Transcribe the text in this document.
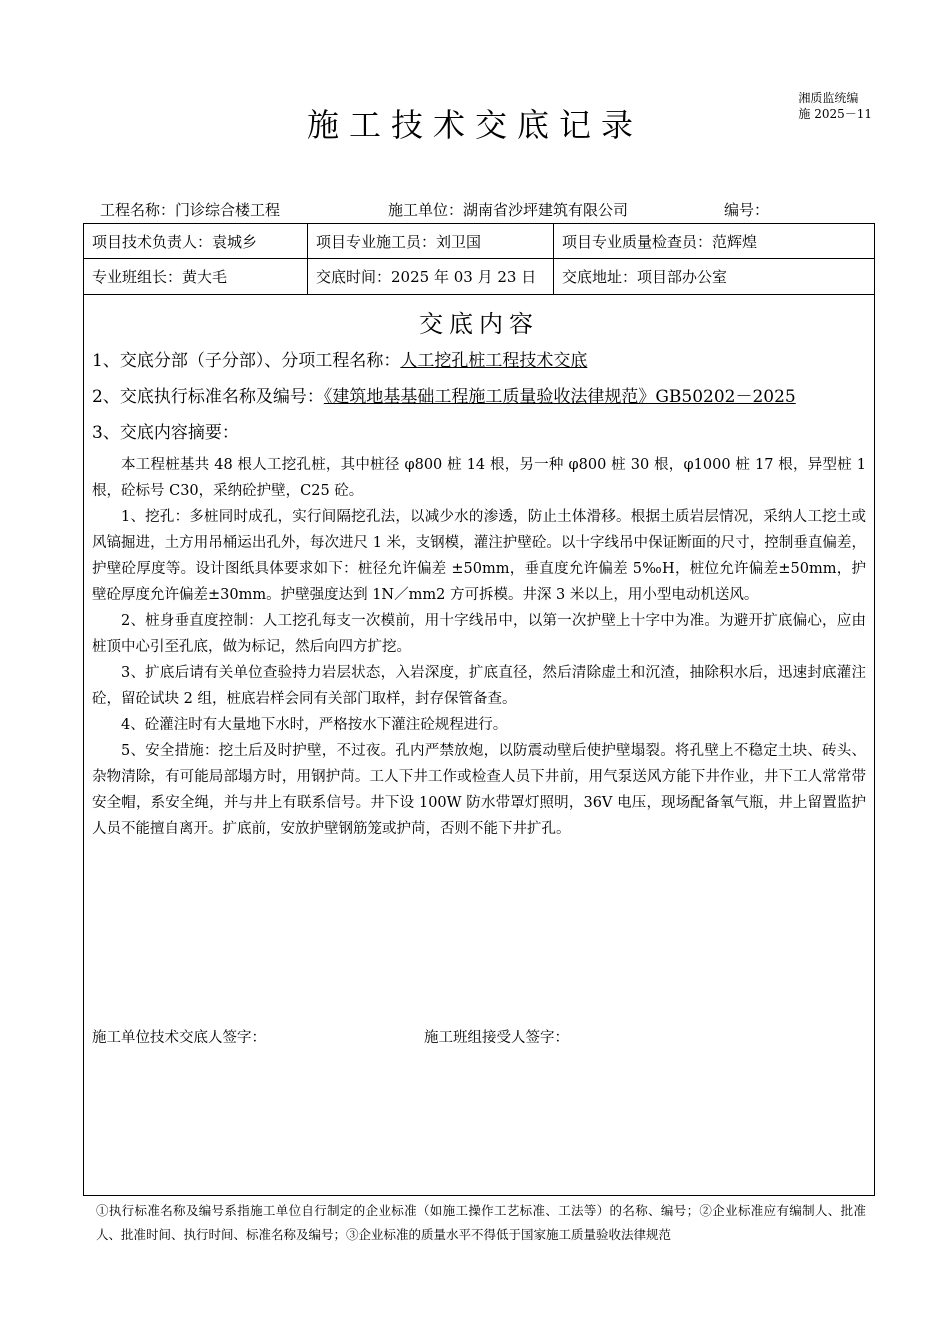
湘质监统编
施 2025－11
施工技术交底记录
工程名称：门诊综合楼工程	施工单位：湖南省沙坪建筑有限公司	编号：
项目技术负责人：袁城乡	项目专业施工员：刘卫国	项目专业质量检查员：范辉煌
专业班组长：黄大毛	交底时间：2025 年 03 月 23 日	交底地址：项目部办公室
交底内容
1、交底分部（子分部）、分项工程名称：人工挖孔桩工程技术交底
2、交底执行标准名称及编号：《建筑地基基础工程施工质量验收法律规范》GB50202－2025
3、交底内容摘要：

本工程桩基共 48 根人工挖孔桩，其中桩径 φ800 桩 14 根，另一种 φ800 桩 30 根，φ1000 桩 17 根，异型桩 1 根，砼标号 C30，采纳砼护壁，C25 砼。

1、挖孔：多桩同时成孔，实行间隔挖孔法，以减少水的渗透，防止土体滑移。根据土质岩层情况，采纳人工挖土或风镐掘进，土方用吊桶运出孔外，每次进尺 1 米，支钢模，灌注护壁砼。以十字线吊中保证断面的尺寸，控制垂直偏差，护壁砼厚度等。设计图纸具体要求如下：桩径允许偏差 ±50mm，垂直度允许偏差 5‰H，桩位允许偏差±50mm，护壁砼厚度允许偏差±30mm。护壁强度达到 1N／mm2 方可拆模。井深 3 米以上，用小型电动机送风。

2、桩身垂直度控制：人工挖孔每支一次模前，用十字线吊中，以第一次护壁上十字中为准。为避开扩底偏心，应由桩顶中心引至孔底，做为标记，然后向四方扩挖。

3、扩底后请有关单位查验持力岩层状态，入岩深度，扩底直径，然后清除虚土和沉渣，抽除积水后，迅速封底灌注砼，留砼试块 2 组，桩底岩样会同有关部门取样，封存保管备查。

4、砼灌注时有大量地下水时，严格按水下灌注砼规程进行。

5、安全措施：挖土后及时护壁，不过夜。孔内严禁放炮，以防震动壁后使护壁塌裂。将孔壁上不稳定土块、砖头、杂物清除，有可能局部塌方时，用钢护苘。工人下井工作或检查人员下井前，用气泵送风方能下井作业，井下工人常常带安全帽，系安全绳，并与井上有联系信号。井下设 100W 防水带罩灯照明，36V 电压，现场配备氧气瓶，井上留置监护人员不能擅自离开。扩底前，安放护壁钢筋笼或护苘，否则不能下井扩孔。

施工单位技术交底人签字：	施工班组接受人签字：
①执行标准名称及编号系指施工单位自行制定的企业标准（如施工操作工艺标准、工法等）的名称、编号；②企业标准应有编制人、批准人、批准时间、执行时间、标准名称及编号；③企业标准的质量水平不得低于国家施工质量验收法律规范
